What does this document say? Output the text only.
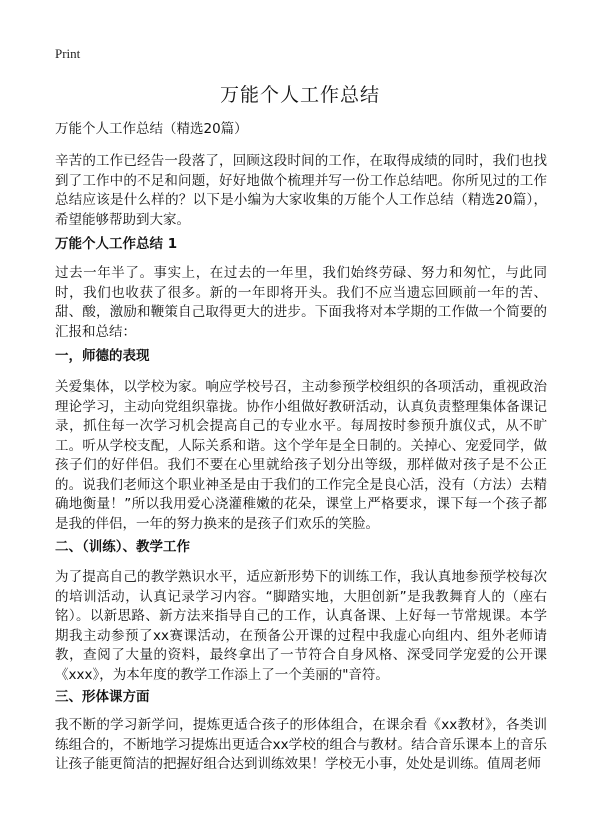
Print
万能个人工作总结

万能个人工作总结（精选20篇）

辛苦的工作已经告一段落了，回顾这段时间的工作，在取得成绩的同时，我们也找到了工作中的不足和问题，好好地做个梳理并写一份工作总结吧。你所见过的工作总结应该是什么样的？以下是小编为大家收集的万能个人工作总结（精选20篇），希望能够帮助到大家。

万能个人工作总结 1

过去一年半了。事实上，在过去的一年里，我们始终劳碌、努力和匆忙，与此同时，我们也收获了很多。新的一年即将开头。我们不应当遗忘回顾前一年的苦、甜、酸，激励和鞭策自己取得更大的进步。下面我将对本学期的工作做一个简要的汇报和总结：

一，师德的表现

关爱集体，以学校为家。响应学校号召，主动参预学校组织的各项活动，重视政治理论学习，主动向党组织靠拢。协作小组做好教研活动，认真负责整理集体备课记录，抓住每一次学习机会提高自己的专业水平。每周按时参预升旗仪式，从不旷工。听从学校支配，人际关系和谐。这个学年是全日制的。关掉心、宠爱同学，做孩子们的好伴侣。我们不要在心里就给孩子划分出等级，那样做对孩子是不公正的。说我们老师这个职业神圣是由于我们的工作完全是良心活，没有（方法）去精确地衡量！”所以我用爱心浇灌稚嫩的花朵，课堂上严格要求，课下每一个孩子都是我的伴侣，一年的努力换来的是孩子们欢乐的笑脸。

二、（训练）、教学工作

为了提高自己的教学熟识水平，适应新形势下的训练工作，我认真地参预学校每次的培训活动，认真记录学习内容。“脚踏实地，大胆创新”是我教舞育人的（座右铭）。以新思路、新方法来指导自己的工作，认真备课、上好每一节常规课。本学期我主动参预了xx赛课活动，在预备公开课的过程中我虚心向组内、组外老师请教，查阅了大量的资料，最终拿出了一节符合自身风格、深受同学宠爱的公开课《xxx》，为本年度的教学工作添上了一个美丽的"音符。

三、形体课方面

我不断的学习新学问，提炼更适合孩子的形体组合，在课余看《xx教材》，各类训练组合的，不断地学习提炼出更适合xx学校的组合与教材。结合音乐课本上的音乐让孩子能更简洁的把握好组合达到训练效果！学校无小事，处处是训练。值周老师
